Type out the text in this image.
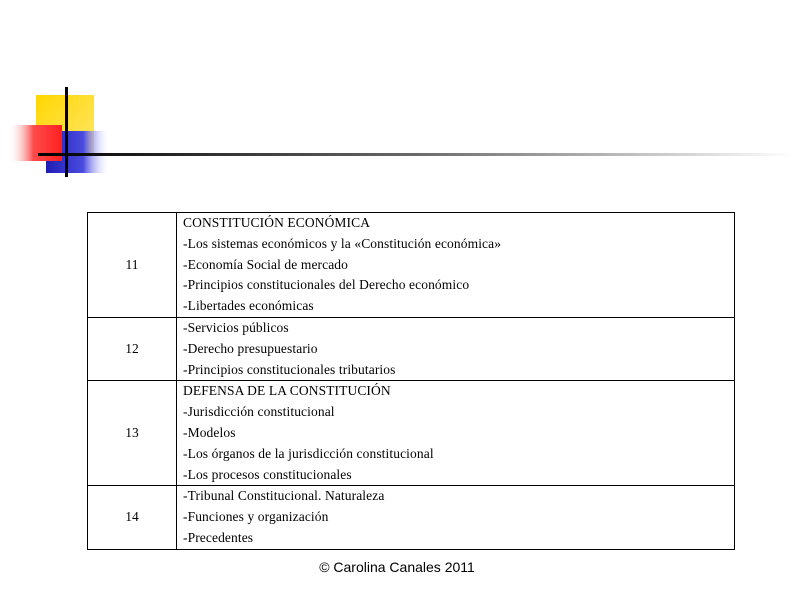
11	CONSTITUCIÓN ECONÓMICA
-Los sistemas económicos y la «Constitución económica»
-Economía Social de mercado
-Principios constitucionales del Derecho económico
-Libertades económicas

12	-Servicios públicos
-Derecho presupuestario
-Principios constitucionales tributarios

13	DEFENSA DE LA CONSTITUCIÓN
-Jurisdicción constitucional
-Modelos
-Los órganos de la jurisdicción constitucional
-Los procesos constitucionales

14	-Tribunal Constitucional. Naturaleza
-Funciones y organización
-Precedentes
© Carolina Canales 2011
